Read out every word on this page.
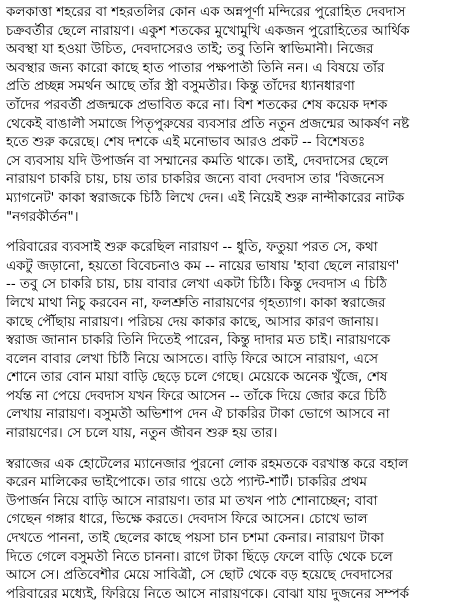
কলকাত্তা শহরের বা শহরতলির কোন এক অন্নপূর্ণা মন্দিরের পুরোহিত দেবদাস
চক্রবর্তীর ছেলে নারায়ণ। একুশ শতকের মুখোমুখি একজন পুরোহিতের আর্থিক
অবস্থা যা হওয়া উচিত, দেবদাসেরও তাই; তবু তিনি স্বাভিমানী। নিজের
অবস্থার জন্য কারো কাছে হাত পাতার পক্ষপাতী তিনি নন। এ বিষয়ে তাঁর
প্রতি প্রচ্ছন্ন সমর্থন আছে তাঁর স্ত্রী বসুমতীর। কিন্তু তাঁদের ধ্যানধারণা
তাঁদের পরবর্তী প্রজন্মকে প্রভাবিত করে না। বিশ শতকের শেষ কয়েক দশক
থেকেই বাঙালী সমাজে পিতৃপুরুষের ব্যবসার প্রতি নতুন প্রজন্মের আকর্ষণ নষ্ট
হতে শুরু করেছে। শেষ দশকে এই মনোভাব আরও প্রকট -- বিশেষতঃ
সে ব্যবসায় যদি উপার্জন বা সম্মানের কমতি থাকে। তাই, দেবদাসের ছেলে
নারায়ণ চাকরি চায়, চায় তার চাকরির জন্যে বাবা দেবদাস তার 'বিজনেস
ম্যাগনেট' কাকা স্বরাজকে চিঠি লিখে দেন। এই নিয়েই শুরু নান্দীকারের নাটক
"নগরকীর্তন"।
পরিবারের ব্যবসাই শুরু করেছিল নারায়ণ -- ধুতি, ফতুয়া পরত সে, কথা
একটু জড়ানো, হয়তো বিবেচনাও কম -- নায়ের ভাষায় 'হাবা ছেলে নারায়ণ'
-- তবু সে চাকরি চায়, চায় বাবার লেখা একটা চিঠি। কিন্তু দেবদাস এ চিঠি
লিখে মাথা নিচু করবেন না, ফলশ্রুতি নারায়ণের গৃহত্যাগ। কাকা স্বরাজের
কাছে পৌঁছায় নারায়ণ। পরিচয় দেয় কাকার কাছে, আসার কারণ জানায়।
স্বরাজ জানান চাকরি তিনি দিতেই পারেন, কিন্তু দাদার মত চাই। নারায়ণকে
বলেন বাবার লেখা চিঠি নিয়ে আসতে। বাড়ি ফিরে আসে নারায়ণ, এসে
শোনে তার বোন মায়া বাড়ি ছেড়ে চলে গেছে। মেয়েকে অনেক খুঁজে, শেষ
পর্যন্ত না পেয়ে দেবদাস যখন ফিরে আসেন -- তাঁকে দিয়ে জোর করে চিঠি
লেখায় নারায়ণ। বসুমতী অভিশাপ দেন ঐ চাকরির টাকা ভোগে আসবে না
নারায়ণের। সে চলে যায়, নতুন জীবন শুরু হয় তার।
স্বরাজের এক হোটেলের ম্যানেজার পুরনো লোক রহমতকে বরখাস্ত করে বহাল
করেন মালিকের ভাইপোকে। তার গায়ে ওঠে প্যান্ট-শার্ট। চাকরির প্রথম
উপার্জন নিয়ে বাড়ি আসে নারায়ণ। তার মা তখন পাঠ শোনাচ্ছেন; বাবা
গেছেন গঙ্গার ধারে, ভিক্ষে করতে। দেবদাস ফিরে আসেন। চোখে ভাল
দেখতে পাননা, তাই ছেলের কাছে পয়সা চান চশমা কেনার। নারায়ণ টাকা
দিতে গেলে বসুমতী নিতে চাননা। রাগে টাকা ছিঁড়ে ফেলে বাড়ি থেকে চলে
আসে সে। প্রতিবেশীর মেয়ে সাবিত্রী, সে ছোট থেকে বড় হয়েছে দেবদাসের
পরিবারের মধ্যেই, ফিরিয়ে নিতে আসে নারায়ণকে। বোঝা যায় দুজনের সম্পর্ক
